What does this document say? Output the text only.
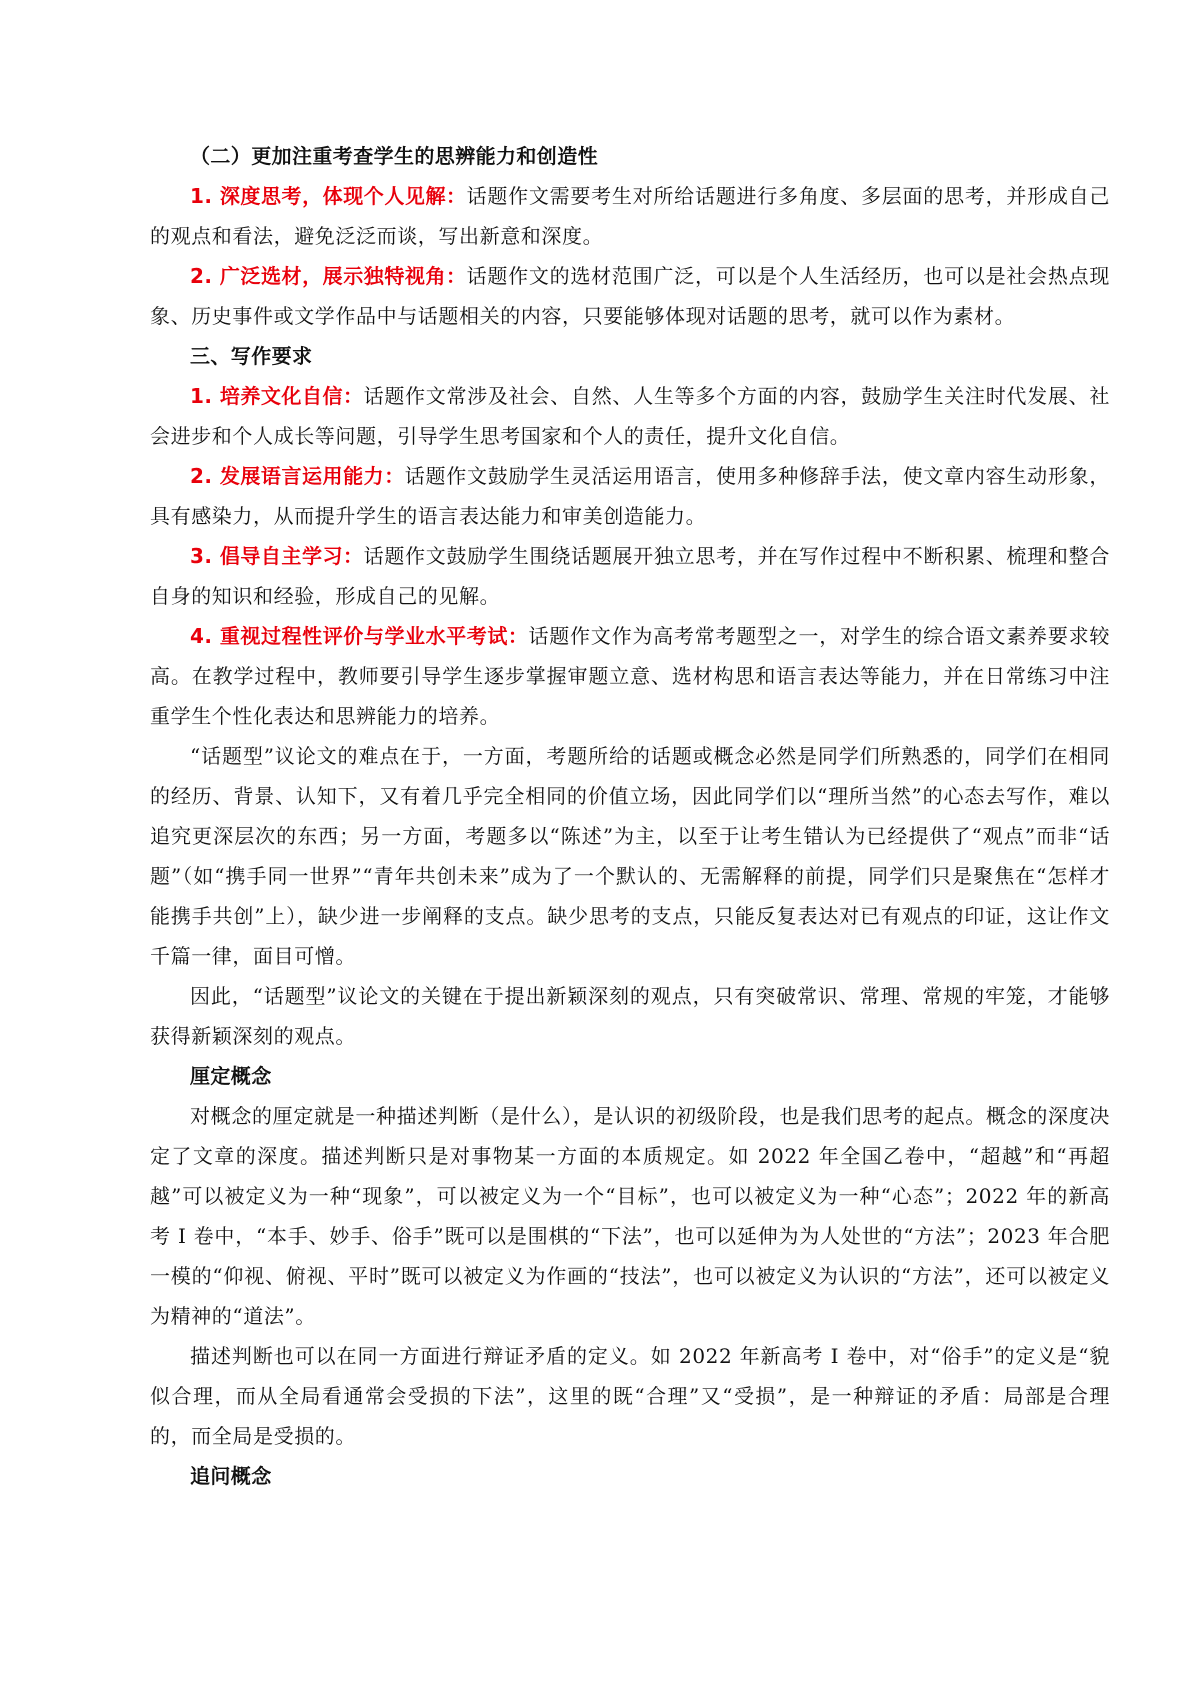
（二）更加注重考查学生的思辨能力和创造性

1. 深度思考，体现个人见解：话题作文需要考生对所给话题进行多角度、多层面的思考，并形成自己的观点和看法，避免泛泛而谈，写出新意和深度。

2. 广泛选材，展示独特视角：话题作文的选材范围广泛，可以是个人生活经历，也可以是社会热点现象、历史事件或文学作品中与话题相关的内容，只要能够体现对话题的思考，就可以作为素材。

三、写作要求

1. 培养文化自信：话题作文常涉及社会、自然、人生等多个方面的内容，鼓励学生关注时代发展、社会进步和个人成长等问题，引导学生思考国家和个人的责任，提升文化自信。

2. 发展语言运用能力：话题作文鼓励学生灵活运用语言，使用多种修辞手法，使文章内容生动形象，具有感染力，从而提升学生的语言表达能力和审美创造能力。

3. 倡导自主学习：话题作文鼓励学生围绕话题展开独立思考，并在写作过程中不断积累、梳理和整合自身的知识和经验，形成自己的见解。

4. 重视过程性评价与学业水平考试：话题作文作为高考常考题型之一，对学生的综合语文素养要求较高。在教学过程中，教师要引导学生逐步掌握审题立意、选材构思和语言表达等能力，并在日常练习中注重学生个性化表达和思辨能力的培养。

“话题型”议论文的难点在于，一方面，考题所给的话题或概念必然是同学们所熟悉的，同学们在相同的经历、背景、认知下，又有着几乎完全相同的价值立场，因此同学们以“理所当然”的心态去写作，难以追究更深层次的东西；另一方面，考题多以“陈述”为主，以至于让考生错认为已经提供了“观点”而非“话题”（如“携手同一世界”“青年共创未来”成为了一个默认的、无需解释的前提，同学们只是聚焦在“怎样才能携手共创”上），缺少进一步阐释的支点。缺少思考的支点，只能反复表达对已有观点的印证，这让作文千篇一律，面目可憎。

因此，“话题型”议论文的关键在于提出新颖深刻的观点，只有突破常识、常理、常规的牢笼，才能够获得新颖深刻的观点。

厘定概念

对概念的厘定就是一种描述判断（是什么），是认识的初级阶段，也是我们思考的起点。概念的深度决定了文章的深度。描述判断只是对事物某一方面的本质规定。如 2022 年全国乙卷中，“超越”和“再超越”可以被定义为一种“现象”，可以被定义为一个“目标”，也可以被定义为一种“心态”；2022 年的新高考 I 卷中，“本手、妙手、俗手”既可以是围棋的“下法”，也可以延伸为为人处世的“方法”；2023 年合肥一模的“仰视、俯视、平时”既可以被定义为作画的“技法”，也可以被定义为认识的“方法”，还可以被定义为精神的“道法”。

描述判断也可以在同一方面进行辩证矛盾的定义。如 2022 年新高考 I 卷中，对“俗手”的定义是“貌似合理，而从全局看通常会受损的下法”，这里的既“合理”又“受损”，是一种辩证的矛盾：局部是合理的，而全局是受损的。

追问概念
